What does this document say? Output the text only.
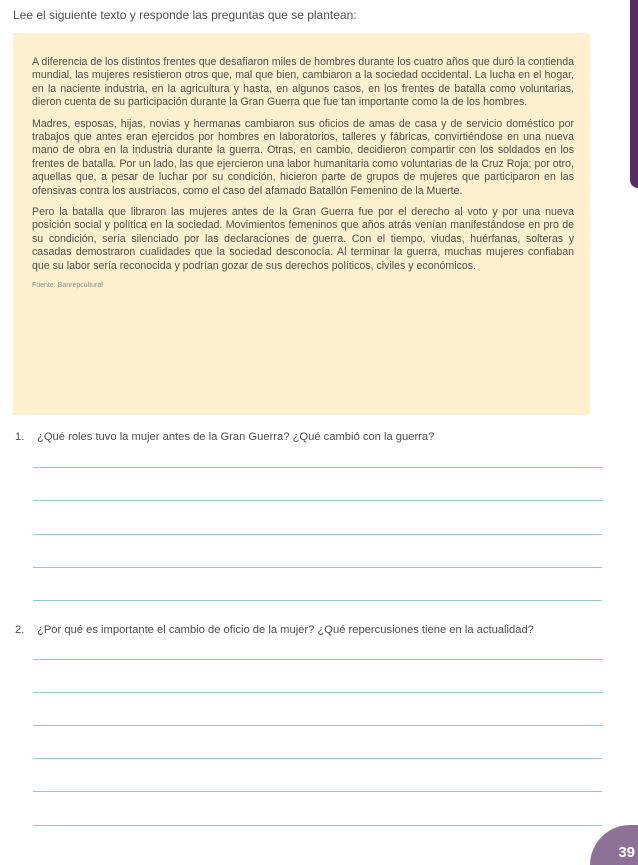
Lee el siguiente texto y responde las preguntas que se plantean:

A diferencia de los distintos frentes que desafiaron miles de hombres durante los cuatro años que duró la contienda mundial, las mujeres resistieron otros que, mal que bien, cambiaron a la sociedad occidental. La lucha en el hogar, en la naciente industria, en la agricultura y hasta, en algunos casos, en los frentes de batalla como voluntarias, dieron cuenta de su participación durante la Gran Guerra que fue tan importante como la de los hombres.

Madres, esposas, hijas, novias y hermanas cambiaron sus oficios de amas de casa y de servicio doméstico por trabajos que antes eran ejercidos por hombres en laboratorios, talleres y fábricas, convirtiéndose en una nueva mano de obra en la industria durante la guerra. Otras, en cambio, decidieron compartir con los soldados en los frentes de batalla. Por un lado, las que ejercieron una labor humanitaria como voluntarias de la Cruz Roja; por otro, aquellas que, a pesar de luchar por su condición, hicieron parte de grupos de mujeres que participaron en las ofensivas contra los austriacos, como el caso del afamado Batallón Femenino de la Muerte.

Pero la batalla que libraron las mujeres antes de la Gran Guerra fue por el derecho al voto y por una nueva posición social y política en la sociedad. Movimientos femeninos que años atrás venían manifestándose en pro de su condición, sería silenciado por las declaraciones de guerra. Con el tiempo, viudas, huérfanas, solteras y casadas demostraron cualidades que la sociedad desconocía. Al terminar la guerra, muchas mujeres confiaban que su labor sería reconocida y podrían gozar de sus derechos políticos, civiles y económicos.

Fuente: Banrepcultural
1. ¿Qué roles tuvo la mujer antes de la Gran Guerra? ¿Qué cambió con la guerra?
2. ¿Por qué es importante el cambio de oficio de la mujer? ¿Qué repercusiones tiene en la actualidad?
39
